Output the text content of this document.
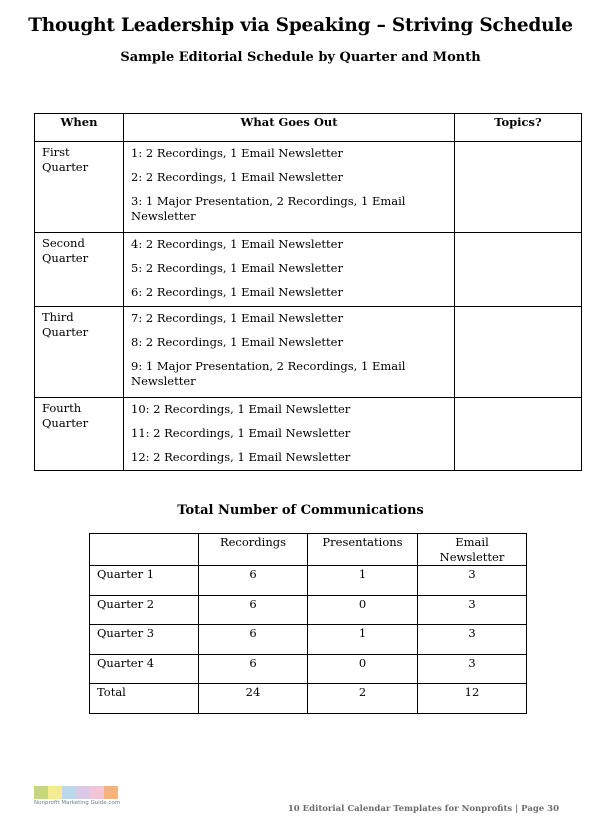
Thought Leadership via Speaking – Striving Schedule
Sample Editorial Schedule by Quarter and Month
When	What Goes Out	Topics?
First Quarter	1: 2 Recordings, 1 Email Newsletter
2: 2 Recordings, 1 Email Newsletter
3: 1 Major Presentation, 2 Recordings, 1 Email Newsletter	

Second Quarter	4: 2 Recordings, 1 Email Newsletter
5: 2 Recordings, 1 Email Newsletter
6: 2 Recordings, 1 Email Newsletter	

Third Quarter	7: 2 Recordings, 1 Email Newsletter
8: 2 Recordings, 1 Email Newsletter
9: 1 Major Presentation, 2 Recordings, 1 Email Newsletter	

Fourth Quarter	10: 2 Recordings, 1 Email Newsletter
11: 2 Recordings, 1 Email Newsletter
12: 2 Recordings, 1 Email Newsletter	

Total Number of Communications
	Recordings	Presentations	Email Newsletter
Quarter 1	6	1	3
Quarter 2	6	0	3
Quarter 3	6	1	3
Quarter 4	6	0	3
Total	24	2	12
Nonprofit Marketing Guide.com
10 Editorial Calendar Templates for Nonprofits | Page 30
